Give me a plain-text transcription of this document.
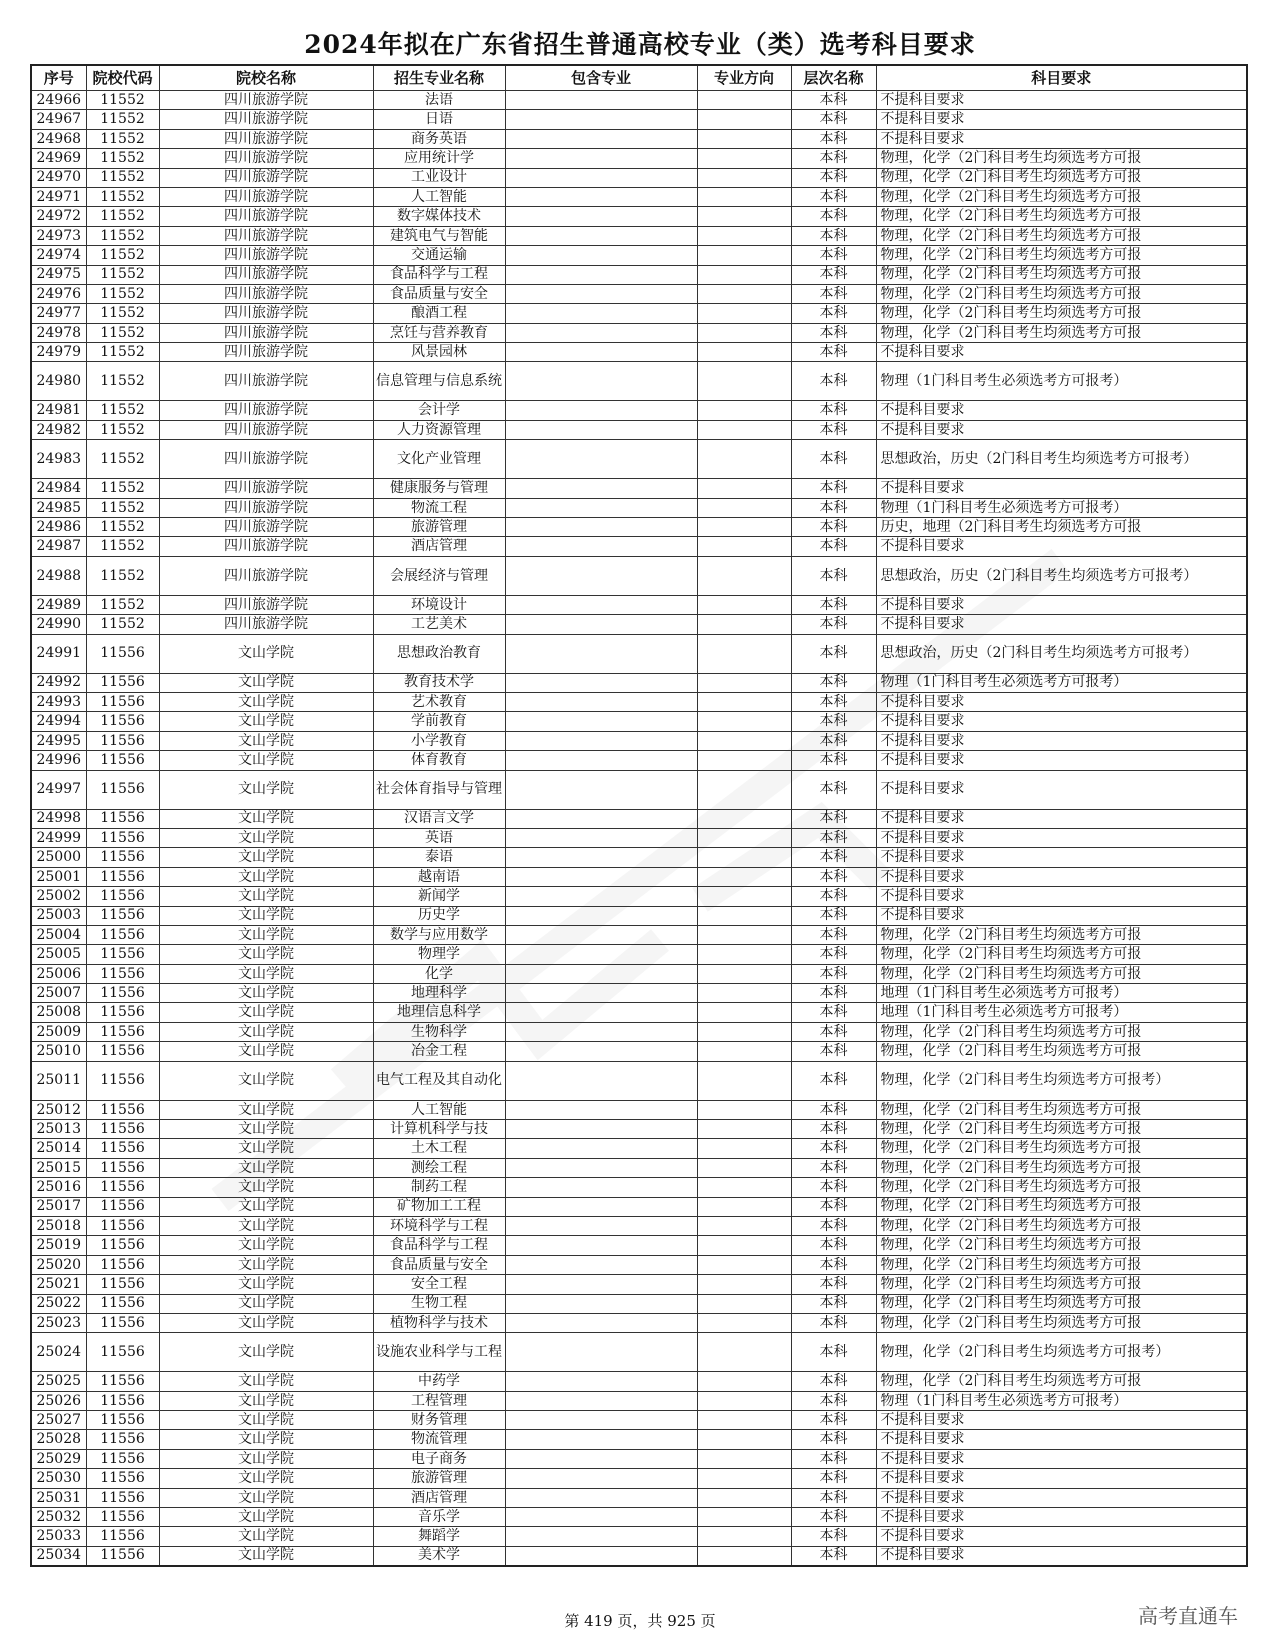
2024年拟在广东省招生普通高校专业（类）选考科目要求
序号	院校代码	院校名称	招生专业名称	包含专业	专业方向	层次名称	科目要求
24966	11552	四川旅游学院	法语			本科	不提科目要求
24967	11552	四川旅游学院	日语			本科	不提科目要求
24968	11552	四川旅游学院	商务英语			本科	不提科目要求
24969	11552	四川旅游学院	应用统计学			本科	物理，化学（2门科目考生均须选考方可报
24970	11552	四川旅游学院	工业设计			本科	物理，化学（2门科目考生均须选考方可报
24971	11552	四川旅游学院	人工智能			本科	物理，化学（2门科目考生均须选考方可报
24972	11552	四川旅游学院	数字媒体技术			本科	物理，化学（2门科目考生均须选考方可报
24973	11552	四川旅游学院	建筑电气与智能			本科	物理，化学（2门科目考生均须选考方可报
24974	11552	四川旅游学院	交通运输			本科	物理，化学（2门科目考生均须选考方可报
24975	11552	四川旅游学院	食品科学与工程			本科	物理，化学（2门科目考生均须选考方可报
24976	11552	四川旅游学院	食品质量与安全			本科	物理，化学（2门科目考生均须选考方可报
24977	11552	四川旅游学院	酿酒工程			本科	物理，化学（2门科目考生均须选考方可报
24978	11552	四川旅游学院	烹饪与营养教育			本科	物理，化学（2门科目考生均须选考方可报
24979	11552	四川旅游学院	风景园林			本科	不提科目要求
24980	11552	四川旅游学院	信息管理与信息系统			本科	物理（1门科目考生必须选考方可报考）
24981	11552	四川旅游学院	会计学			本科	不提科目要求
24982	11552	四川旅游学院	人力资源管理			本科	不提科目要求
24983	11552	四川旅游学院	文化产业管理			本科	思想政治，历史（2门科目考生均须选考方可报考）
24984	11552	四川旅游学院	健康服务与管理			本科	不提科目要求
24985	11552	四川旅游学院	物流工程			本科	物理（1门科目考生必须选考方可报考）
24986	11552	四川旅游学院	旅游管理			本科	历史，地理（2门科目考生均须选考方可报
24987	11552	四川旅游学院	酒店管理			本科	不提科目要求
24988	11552	四川旅游学院	会展经济与管理			本科	思想政治，历史（2门科目考生均须选考方可报考）
24989	11552	四川旅游学院	环境设计			本科	不提科目要求
24990	11552	四川旅游学院	工艺美术			本科	不提科目要求
24991	11556	文山学院	思想政治教育			本科	思想政治，历史（2门科目考生均须选考方可报考）
24992	11556	文山学院	教育技术学			本科	物理（1门科目考生必须选考方可报考）
24993	11556	文山学院	艺术教育			本科	不提科目要求
24994	11556	文山学院	学前教育			本科	不提科目要求
24995	11556	文山学院	小学教育			本科	不提科目要求
24996	11556	文山学院	体育教育			本科	不提科目要求
24997	11556	文山学院	社会体育指导与管理			本科	不提科目要求
24998	11556	文山学院	汉语言文学			本科	不提科目要求
24999	11556	文山学院	英语			本科	不提科目要求
25000	11556	文山学院	泰语			本科	不提科目要求
25001	11556	文山学院	越南语			本科	不提科目要求
25002	11556	文山学院	新闻学			本科	不提科目要求
25003	11556	文山学院	历史学			本科	不提科目要求
25004	11556	文山学院	数学与应用数学			本科	物理，化学（2门科目考生均须选考方可报
25005	11556	文山学院	物理学			本科	物理，化学（2门科目考生均须选考方可报
25006	11556	文山学院	化学			本科	物理，化学（2门科目考生均须选考方可报
25007	11556	文山学院	地理科学			本科	地理（1门科目考生必须选考方可报考）
25008	11556	文山学院	地理信息科学			本科	地理（1门科目考生必须选考方可报考）
25009	11556	文山学院	生物科学			本科	物理，化学（2门科目考生均须选考方可报
25010	11556	文山学院	冶金工程			本科	物理，化学（2门科目考生均须选考方可报
25011	11556	文山学院	电气工程及其自动化			本科	物理，化学（2门科目考生均须选考方可报考）
25012	11556	文山学院	人工智能			本科	物理，化学（2门科目考生均须选考方可报
25013	11556	文山学院	计算机科学与技			本科	物理，化学（2门科目考生均须选考方可报
25014	11556	文山学院	土木工程			本科	物理，化学（2门科目考生均须选考方可报
25015	11556	文山学院	测绘工程			本科	物理，化学（2门科目考生均须选考方可报
25016	11556	文山学院	制药工程			本科	物理，化学（2门科目考生均须选考方可报
25017	11556	文山学院	矿物加工工程			本科	物理，化学（2门科目考生均须选考方可报
25018	11556	文山学院	环境科学与工程			本科	物理，化学（2门科目考生均须选考方可报
25019	11556	文山学院	食品科学与工程			本科	物理，化学（2门科目考生均须选考方可报
25020	11556	文山学院	食品质量与安全			本科	物理，化学（2门科目考生均须选考方可报
25021	11556	文山学院	安全工程			本科	物理，化学（2门科目考生均须选考方可报
25022	11556	文山学院	生物工程			本科	物理，化学（2门科目考生均须选考方可报
25023	11556	文山学院	植物科学与技术			本科	物理，化学（2门科目考生均须选考方可报
25024	11556	文山学院	设施农业科学与工程			本科	物理，化学（2门科目考生均须选考方可报考）
25025	11556	文山学院	中药学			本科	物理，化学（2门科目考生均须选考方可报
25026	11556	文山学院	工程管理			本科	物理（1门科目考生必须选考方可报考）
25027	11556	文山学院	财务管理			本科	不提科目要求
25028	11556	文山学院	物流管理			本科	不提科目要求
25029	11556	文山学院	电子商务			本科	不提科目要求
25030	11556	文山学院	旅游管理			本科	不提科目要求
25031	11556	文山学院	酒店管理			本科	不提科目要求
25032	11556	文山学院	音乐学			本科	不提科目要求
25033	11556	文山学院	舞蹈学			本科	不提科目要求
25034	11556	文山学院	美术学			本科	不提科目要求
第 419 页，共 925 页	高考直通车
